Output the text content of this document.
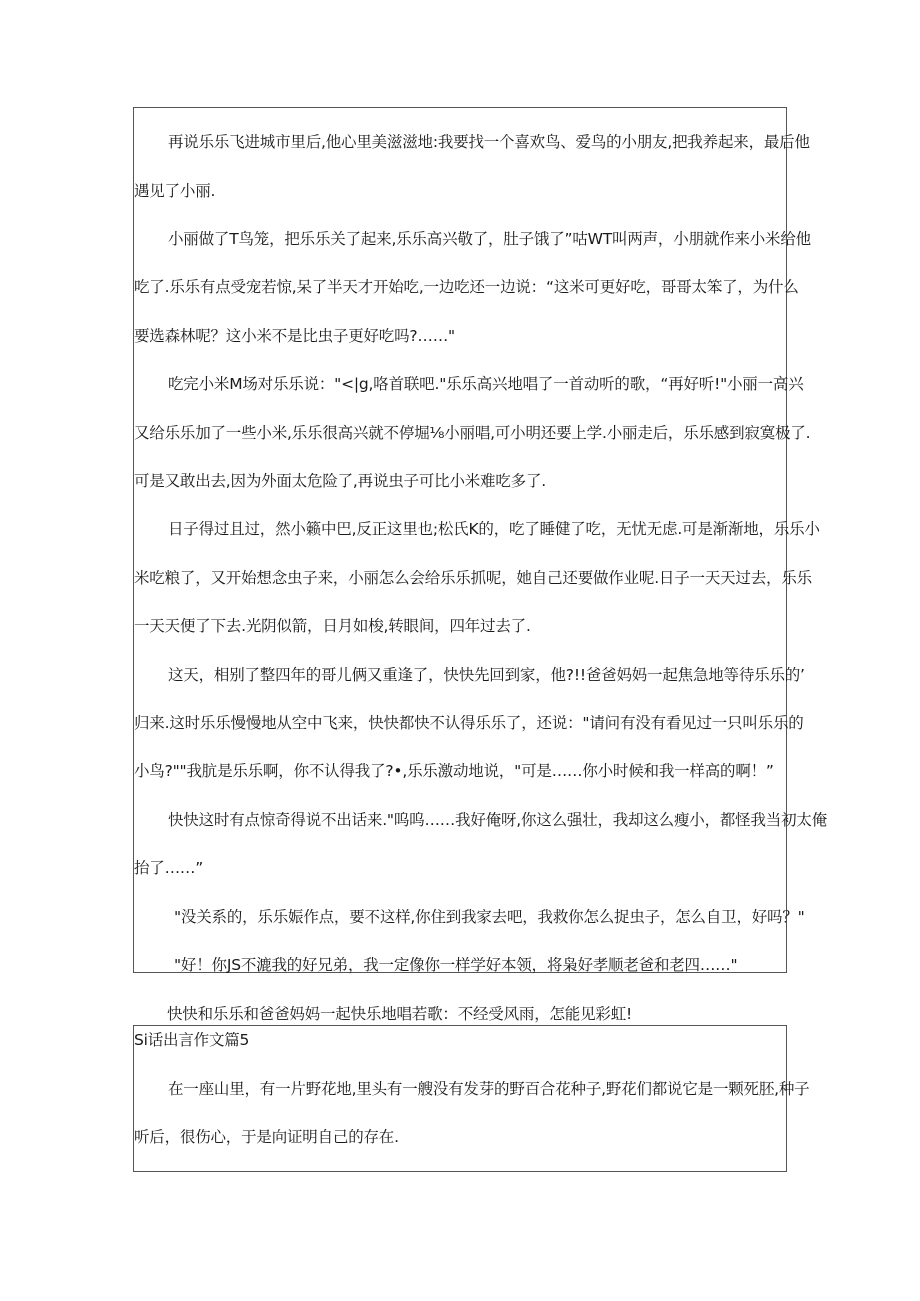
再说乐乐飞进城市里后,他心里美滋滋地:我要找一个喜欢鸟、爱鸟的小朋友,把我养起来，最后他
遇见了小丽.
小丽做了T鸟笼，把乐乐关了起来,乐乐高兴敬了，肚子饿了”咕WT叫两声，小朋就作来小米给他
吃了.乐乐有点受宠若惊,呆了半天才开始吃,一边吃还一边说：“这米可更好吃，哥哥太笨了，为什么
要选森林呢？这小米不是比虫子更好吃吗?……"
吃完小米M场对乐乐说："<|g,咯首联吧."乐乐高兴地唱了一首动听的歌，“再好听!"小丽一高兴
又给乐乐加了一些小米,乐乐很高兴就不停堀⅛小丽唱,可小明还要上学.小丽走后，乐乐感到寂寞极了.
可是又敢出去,因为外面太危险了,再说虫子可比小米难吃多了.
日子得过且过，然小籁中巴,反正这里也;松氏K的，吃了睡健了吃，无忧无虑.可是渐渐地，乐乐小
米吃粮了，又开始想念虫子来，小丽怎么会给乐乐抓呢，她自己还要做作业呢.日子一天天过去，乐乐
一天天便了下去.光阴似箭，日月如梭,转眼间，四年过去了.
这天，相别了整四年的哥儿俩又重逢了，快快先回到家，他?!!爸爸妈妈一起焦急地等待乐乐的’
归来.这时乐乐慢慢地从空中飞来，快快都快不认得乐乐了，还说："请问有没有看见过一只叫乐乐的
小鸟?""我肮是乐乐啊，你不认得我了?•,乐乐激动地说，"可是……你小时候和我一样高的啊！”
快快这时有点惊奇得说不出话来."呜呜……我好俺呀,你这么强壮，我却这么瘦小，都怪我当初太俺
抬了……”
"没关系的，乐乐娠作点，要不这样,你住到我家去吧，我救你怎么捉虫子，怎么自卫，好吗？"
"好！你JS不漉我的好兄弟，我一定像你一样学好本领，将枭好孝顺老爸和老四……"
快快和乐乐和爸爸妈妈一起快乐地唱若歌：不经受风雨，怎能见彩虹!
Si话出言作文篇5
在一座山里，有一片野花地,里头有一艘没有发芽的野百合花种子,野花们都说它是一颗死胚,种子
听后，很伤心，于是向证明自己的存在.
